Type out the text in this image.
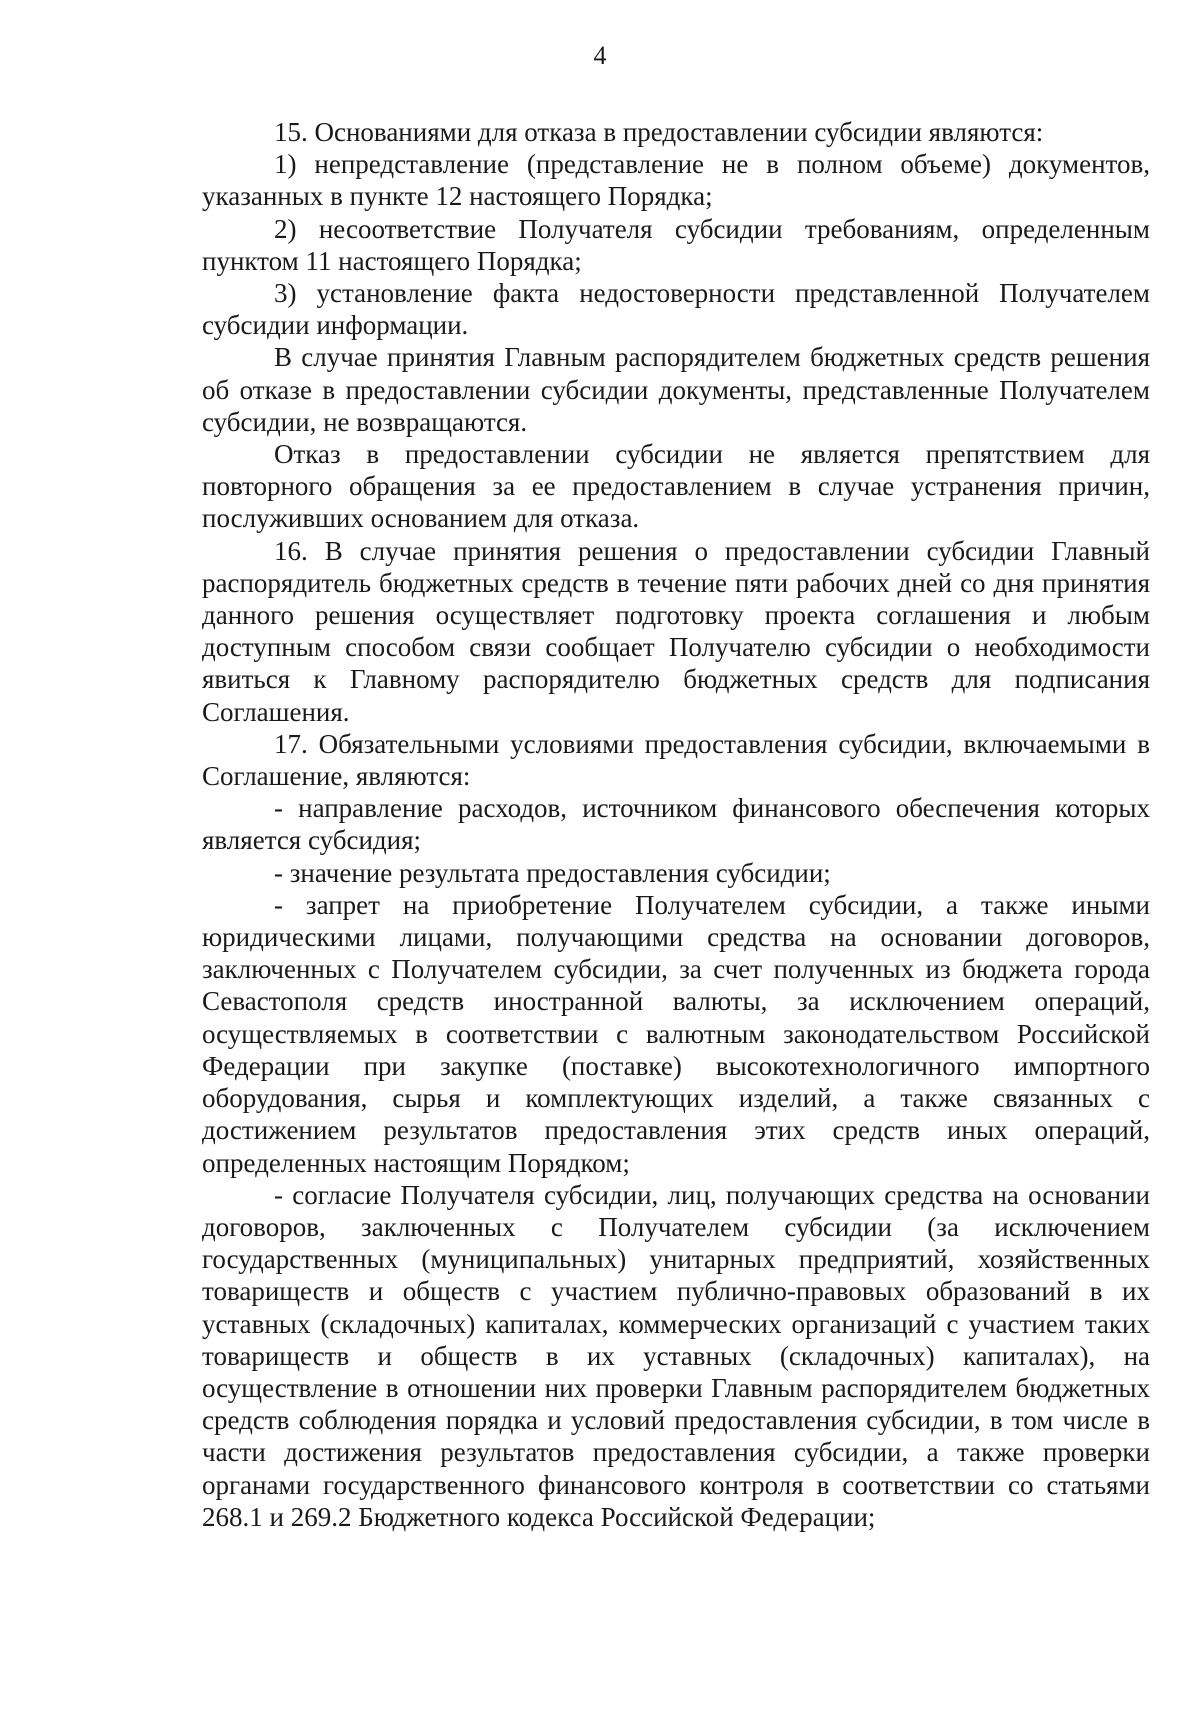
4

15. Основаниями для отказа в предоставлении субсидии являются:

1) непредставление (представление не в полном объеме) документов, указанных в пункте 12 настоящего Порядка;

2) несоответствие Получателя субсидии требованиям, определенным пунктом 11 настоящего Порядка;

3) установление факта недостоверности представленной Получателем субсидии информации.

В случае принятия Главным распорядителем бюджетных средств решения об отказе в предоставлении субсидии документы, представленные Получателем субсидии, не возвращаются.

Отказ в предоставлении субсидии не является препятствием для повторного обращения за ее предоставлением в случае устранения причин, послуживших основанием для отказа.

16. В случае принятия решения о предоставлении субсидии Главный распорядитель бюджетных средств в течение пяти рабочих дней со дня принятия данного решения осуществляет подготовку проекта соглашения и любым доступным способом связи сообщает Получателю субсидии о необходимости явиться к Главному распорядителю бюджетных средств для подписания Соглашения.

17. Обязательными условиями предоставления субсидии, включаемыми в Соглашение, являются:

- направление расходов, источником финансового обеспечения которых является субсидия;

- значение результата предоставления субсидии;

- запрет на приобретение Получателем субсидии, а также иными юридическими лицами, получающими средства на основании договоров, заключенных с Получателем субсидии, за счет полученных из бюджета города Севастополя средств иностранной валюты, за исключением операций, осуществляемых в соответствии с валютным законодательством Российской Федерации при закупке (поставке) высокотехнологичного импортного оборудования, сырья и комплектующих изделий, а также связанных с достижением результатов предоставления этих средств иных операций, определенных настоящим Порядком;

- согласие Получателя субсидии, лиц, получающих средства на основании договоров, заключенных с Получателем субсидии (за исключением государственных (муниципальных) унитарных предприятий, хозяйственных товариществ и обществ с участием публично-правовых образований в их уставных (складочных) капиталах, коммерческих организаций с участием таких товариществ и обществ в их уставных (складочных) капиталах), на осуществление в отношении них проверки Главным распорядителем бюджетных средств соблюдения порядка и условий предоставления субсидии, в том числе в части достижения результатов предоставления субсидии, а также проверки органами государственного финансового контроля в соответствии со статьями 268.1 и 269.2 Бюджетного кодекса Российской Федерации;
